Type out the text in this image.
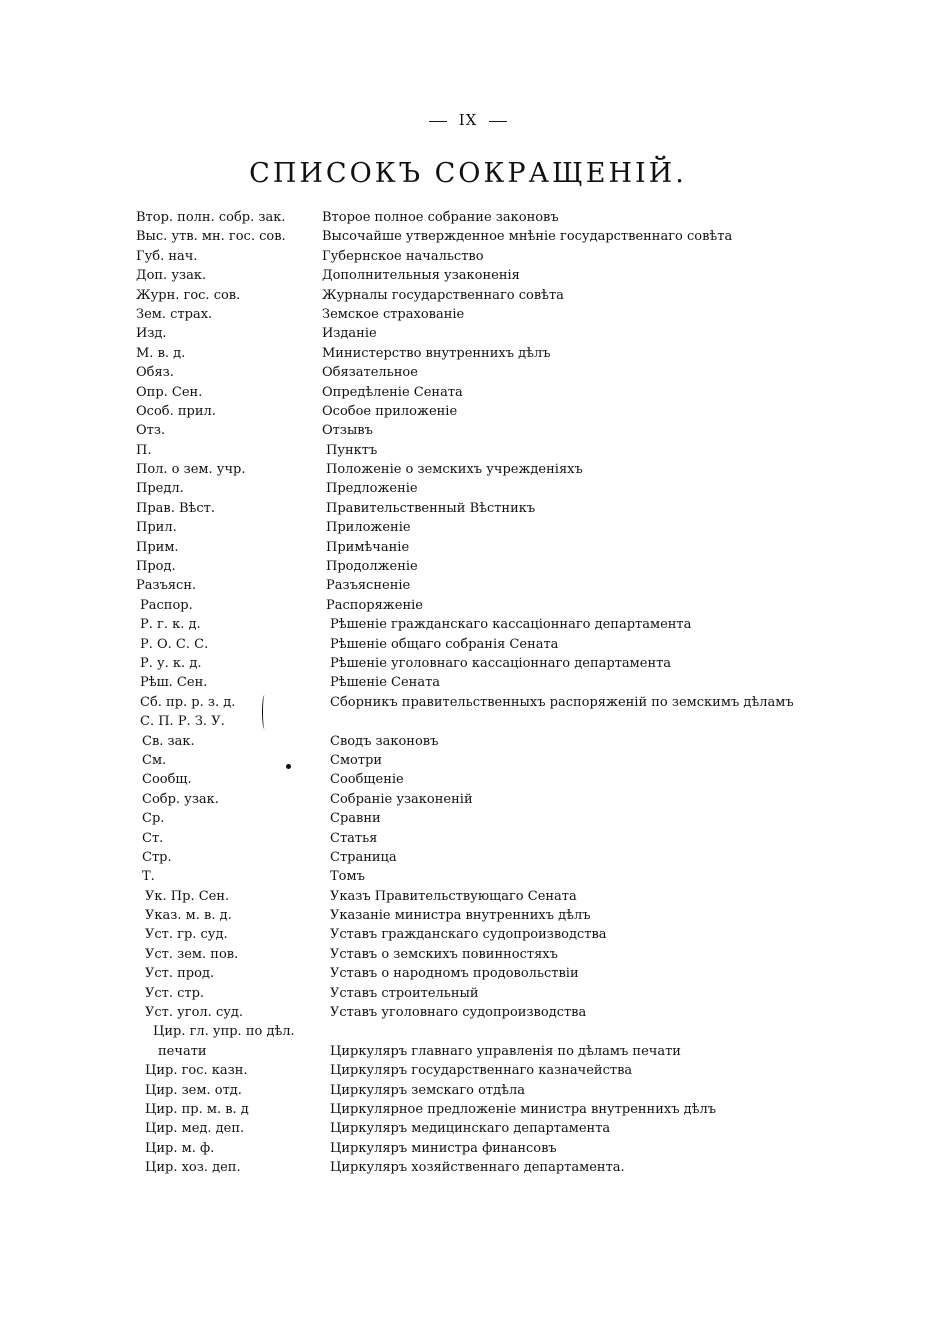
IX
СПИСОКЪ СОКРАЩЕНІЙ.
Втор. полн. собр. зак.	Второе полное собрание законовъ
Выс. утв. мн. гос. сов.	Высочайше утвержденное мнѣніе государственнаго совѣта
Губ. нач.	Губернское начальство
Доп. узак.	Дополнительныя узаконенія
Журн. гос. сов.	Журналы государственнаго совѣта
Зем. страх.	Земское страхованіе
Изд.	Изданіе
М. в. д.	Министерство внутреннихъ дѣлъ
Обяз.	Обязательное
Опр. Сен.	Опредѣленіе Сената
Особ. прил.	Особое приложеніе
Отз.	Отзывъ
П.	Пунктъ
Пол. о зем. учр.	Положеніе о земскихъ учрежденіяхъ
Предл.	Предложеніе
Прав. Вѣст.	Правительственный Вѣстникъ
Прил.	Приложеніе
Прим.	Примѣчаніе
Прод.	Продолженіе
Разъясн.	Разъясненіе
Распор.	Распоряженіе
Р. г. к. д.	Рѣшеніе гражданскаго кассаціоннаго департамента
Р. О. С. С.	Рѣшеніе общаго собранія Сената
Р. у. к. д.	Рѣшеніе уголовнаго кассаціоннаго департамента
Рѣш. Сен.	Рѣшеніе Сената
Сб. пр. р. з. д.	Сборникъ правительственныхъ распоряженій по земскимъ дѣламъ
С. П. Р. З. У.
Св. зак.	Сводъ законовъ
См.	Смотри
Сообщ.	Сообщеніе
Собр. узак.	Собраніе узаконеній
Ср.	Сравни
Ст.	Статья
Стр.	Страница
Т.	Томъ
Ук. Пр. Сен.	Указъ Правительствующаго Сената
Указ. м. в. д.	Указаніе министра внутреннихъ дѣлъ
Уст. гр. суд.	Уставъ гражданскаго судопроизводства
Уст. зем. пов.	Уставъ о земскихъ повинностяхъ
Уст. прод.	Уставъ о народномъ продовольствіи
Уст. стр.	Уставъ строительный
Уст. угол. суд.	Уставъ уголовнаго судопроизводства
Цир. гл. упр. по дѣл.
печати	Циркуляръ главнаго управленія по дѣламъ печати
Цир. гос. казн.	Циркуляръ государственнаго казначейства
Цир. зем. отд.	Циркуляръ земскаго отдѣла
Цир. пр. м. в. д	Циркулярное предложеніе министра внутреннихъ дѣлъ
Цир. мед. деп.	Циркуляръ медицинскаго департамента
Цир. м. ф.	Циркуляръ министра финансовъ
Цир. хоз. деп.	Циркуляръ хозяйственнаго департамента.
